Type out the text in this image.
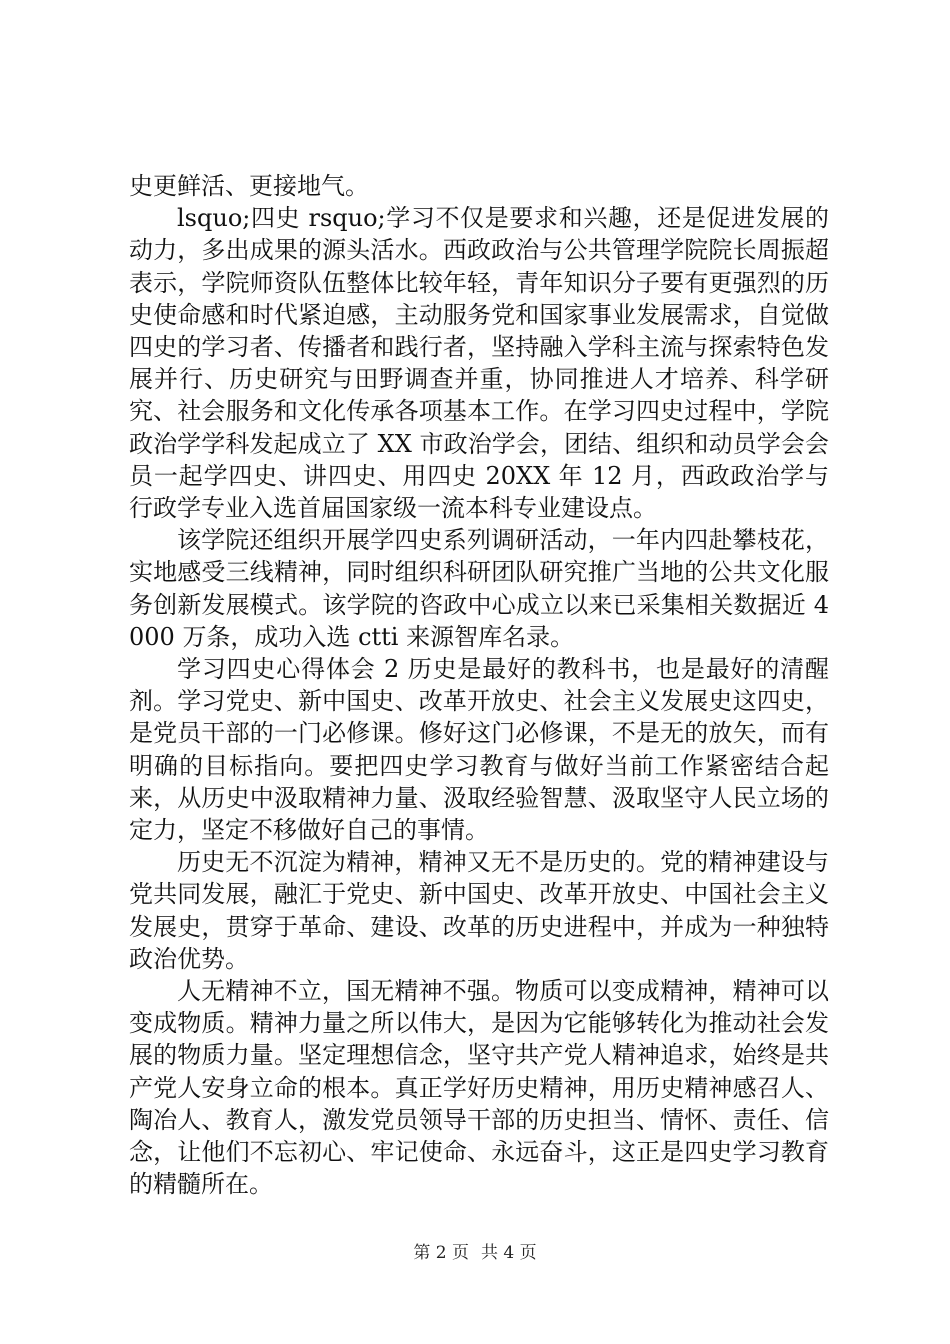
史更鲜活、更接地气。

lsquo;四史 rsquo;学习不仅是要求和兴趣，还是促进发展的动力，多出成果的源头活水。西政政治与公共管理学院院长周振超表示，学院师资队伍整体比较年轻，青年知识分子要有更强烈的历史使命感和时代紧迫感，主动服务党和国家事业发展需求，自觉做四史的学习者、传播者和践行者，坚持融入学科主流与探索特色发展并行、历史研究与田野调查并重，协同推进人才培养、科学研究、社会服务和文化传承各项基本工作。在学习四史过程中，学院政治学学科发起成立了 XX 市政治学会，团结、组织和动员学会会员一起学四史、讲四史、用四史 20XX 年 12 月，西政政治学与行政学专业入选首届国家级一流本科专业建设点。

该学院还组织开展学四史系列调研活动，一年内四赴攀枝花，实地感受三线精神，同时组织科研团队研究推广当地的公共文化服务创新发展模式。该学院的咨政中心成立以来已采集相关数据近 4000 万条，成功入选 ctti 来源智库名录。

学习四史心得体会 2 历史是最好的教科书，也是最好的清醒剂。学习党史、新中国史、改革开放史、社会主义发展史这四史，是党员干部的一门必修课。修好这门必修课，不是无的放矢，而有明确的目标指向。要把四史学习教育与做好当前工作紧密结合起来，从历史中汲取精神力量、汲取经验智慧、汲取坚守人民立场的定力，坚定不移做好自己的事情。

历史无不沉淀为精神，精神又无不是历史的。党的精神建设与党共同发展，融汇于党史、新中国史、改革开放史、中国社会主义发展史，贯穿于革命、建设、改革的历史进程中，并成为一种独特政治优势。

人无精神不立，国无精神不强。物质可以变成精神，精神可以变成物质。精神力量之所以伟大，是因为它能够转化为推动社会发展的物质力量。坚定理想信念，坚守共产党人精神追求，始终是共产党人安身立命的根本。真正学好历史精神，用历史精神感召人、陶冶人、教育人，激发党员领导干部的历史担当、情怀、责任、信念，让他们不忘初心、牢记使命、永远奋斗，这正是四史学习教育的精髓所在。

第 2 页 共 4 页
